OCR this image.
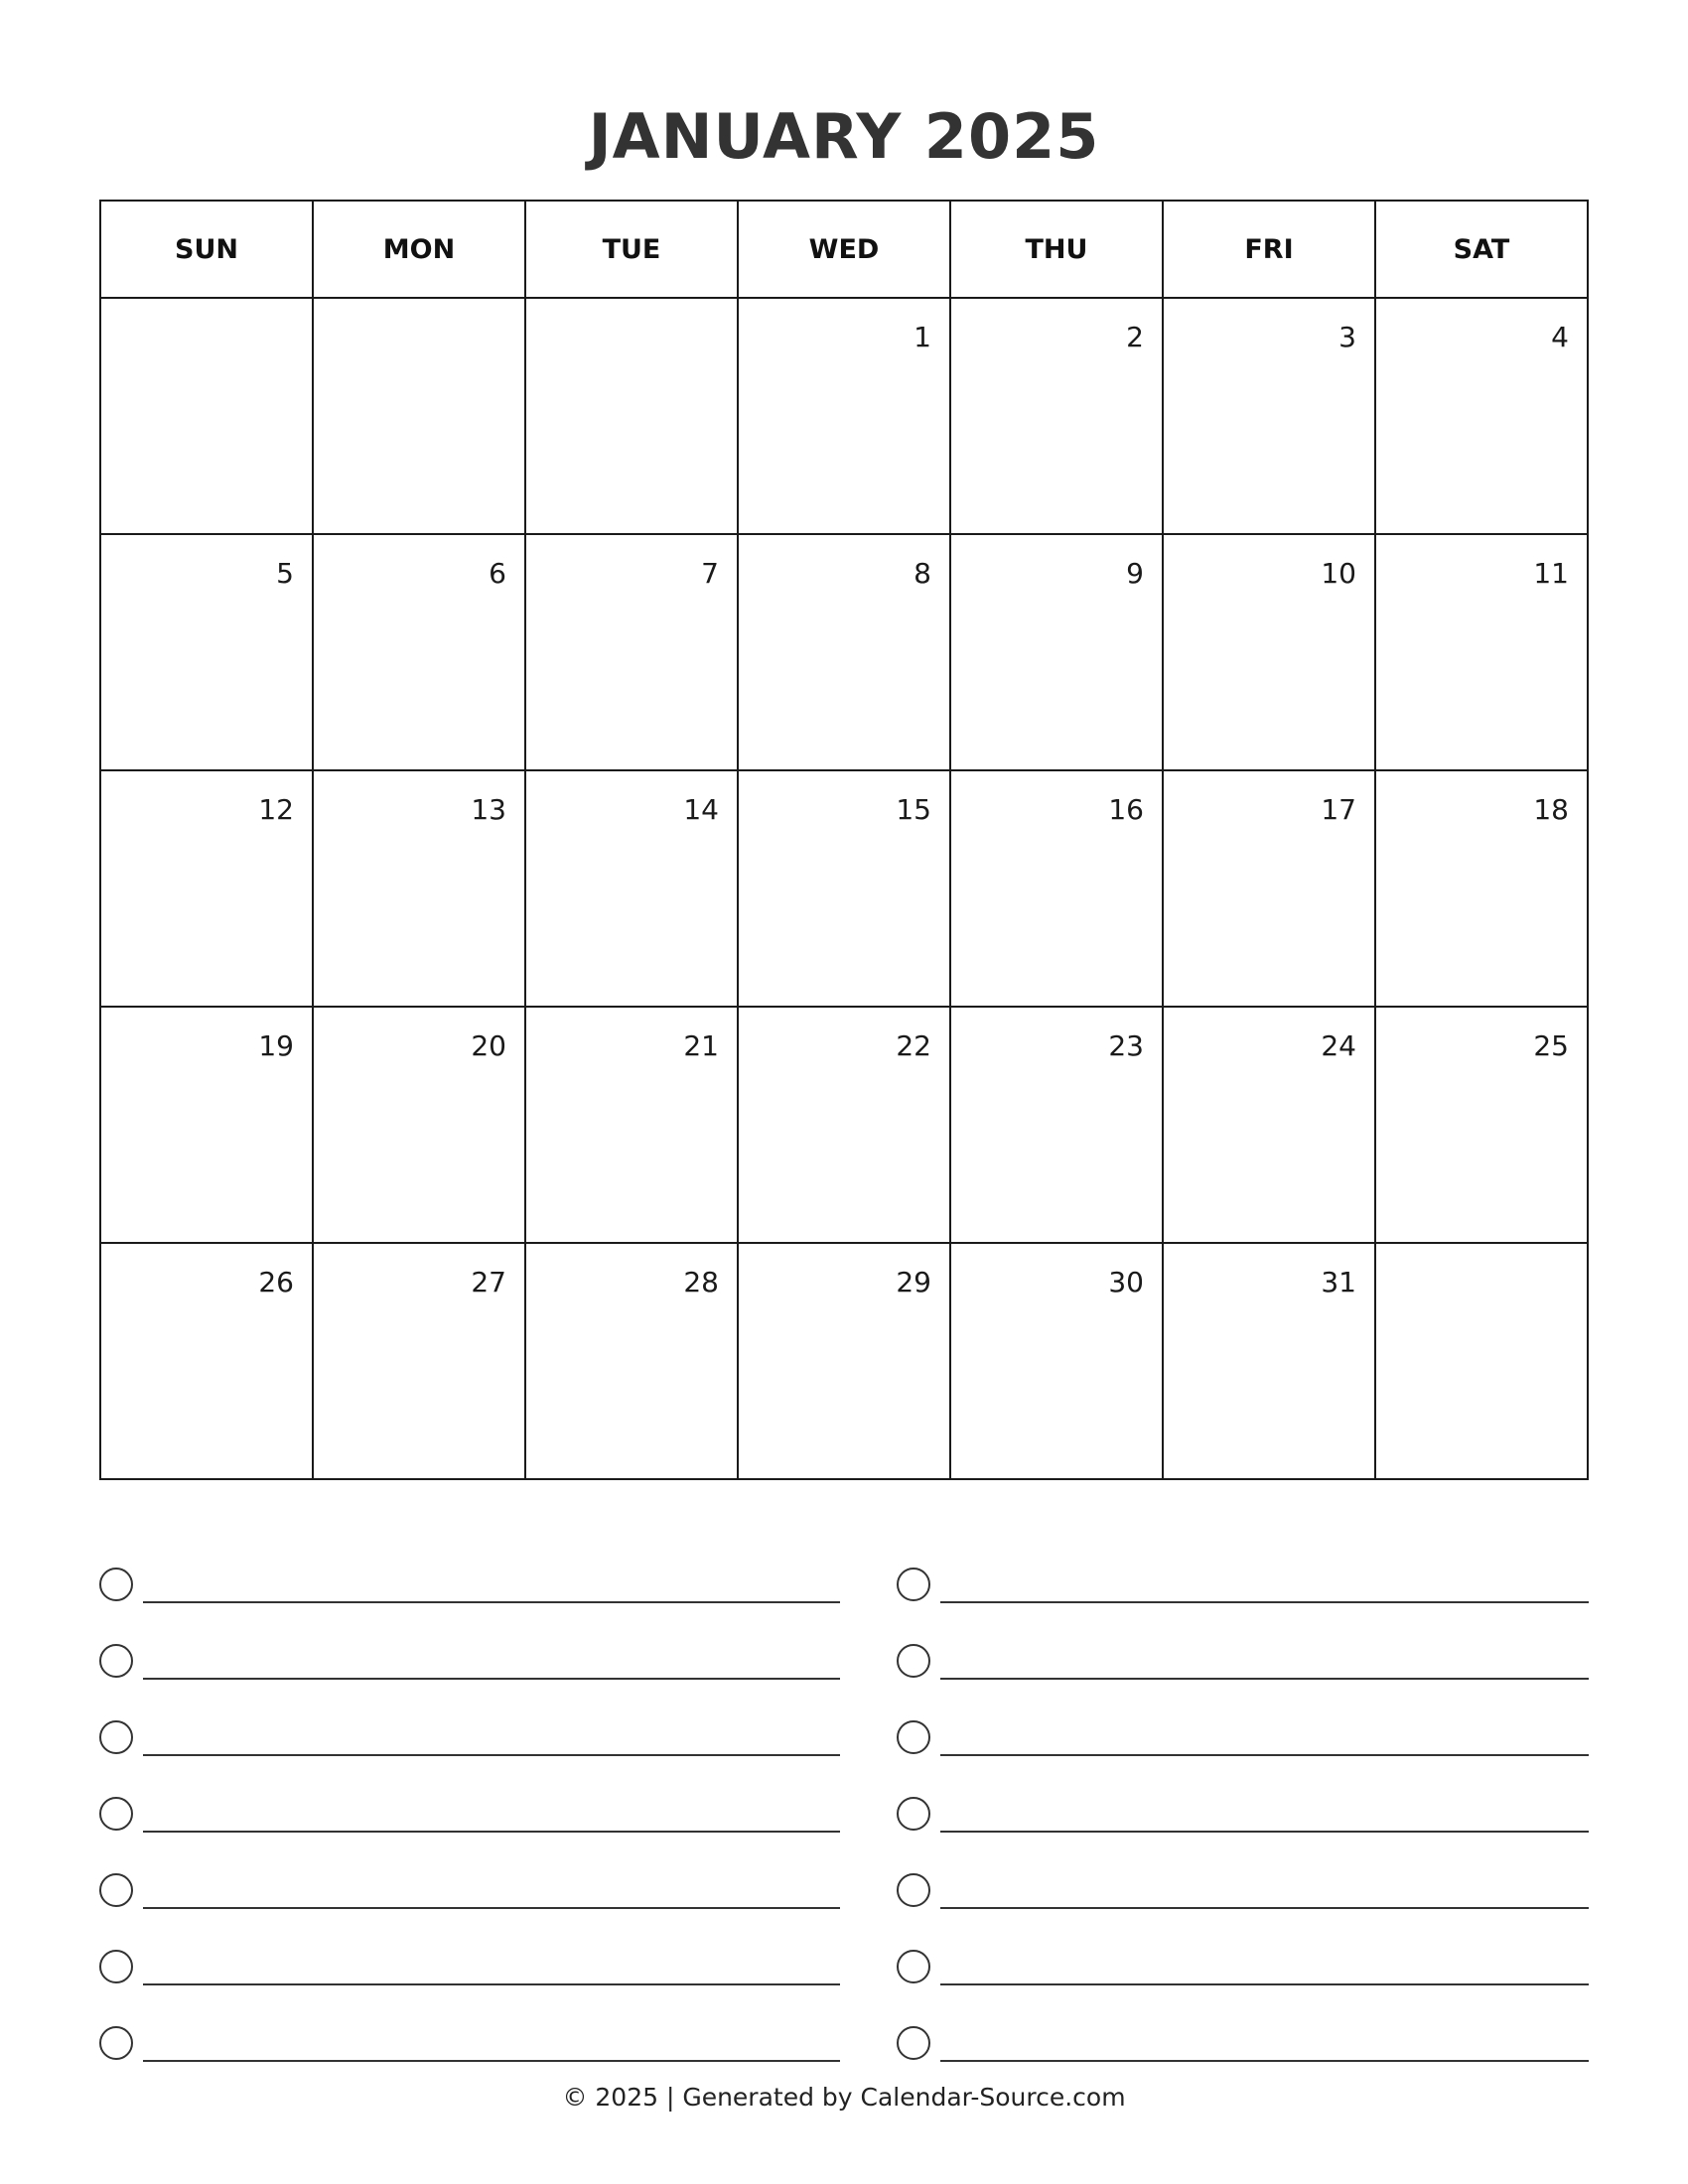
JANUARY 2025
SUN	MON	TUE	WED	THU	FRI	SAT

			1	2	3	4

5	6	7	8	9	10	11

12	13	14	15	16	17	18

19	20	21	22	23	24	25

26	27	28	29	30	31	

© 2025 | Generated by Calendar-Source.com
